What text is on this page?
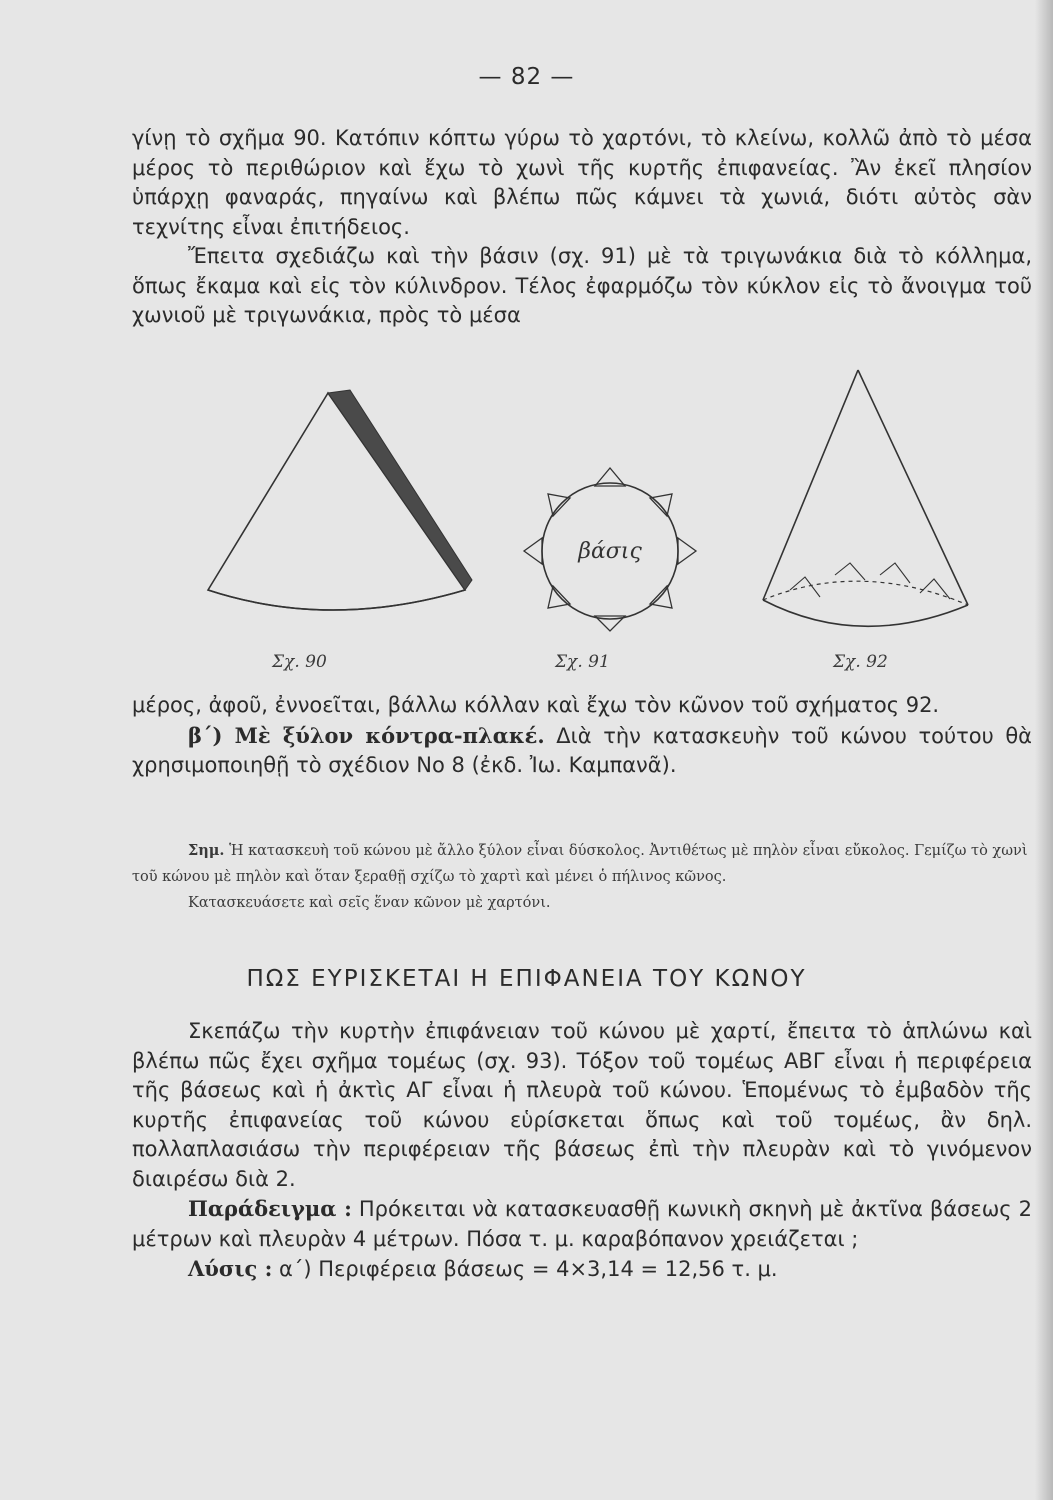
— 82 —

γίνῃ τὸ σχῆμα 90. Κατόπιν κόπτω γύρω τὸ χαρτόνι, τὸ κλείνω, κολλῶ ἀπὸ τὸ μέσα μέρος τὸ περιθώριον καὶ ἔχω τὸ χωνὶ τῆς κυρτῆς ἐπιφανείας. Ἂν ἐκεῖ πλησίον ὑπάρχῃ φαναράς, πηγαίνω καὶ βλέπω πῶς κάμνει τὰ χωνιά, διότι αὐτὸς σὰν τεχνίτης εἶναι ἐπιτήδειος.

Ἔπειτα σχεδιάζω καὶ τὴν βάσιν (σχ. 91) μὲ τὰ τριγωνάκια διὰ τὸ κόλλημα, ὅπως ἔκαμα καὶ εἰς τὸν κύλινδρον. Τέλος ἐφαρμόζω τὸν κύκλον εἰς τὸ ἄνοιγμα τοῦ χωνιοῦ μὲ τριγωνάκια, πρὸς τὸ μέσα

βάσις
Σχ. 90	Σχ. 91	Σχ. 92

μέρος, ἀφοῦ, ἐννοεῖται, βάλλω κόλλαν καὶ ἔχω τὸν κῶνον τοῦ σχήματος 92.

β΄) Μὲ ξύλον κόντρα-πλακέ. Διὰ τὴν κατασκευὴν τοῦ κώνου τούτου θὰ χρησιμοποιηθῇ τὸ σχέδιον Νο 8 (ἐκδ. Ἰω. Καμπανᾶ).

Σημ. Ἡ κατασκευὴ τοῦ κώνου μὲ ἄλλο ξύλον εἶναι δύσκολος. Ἀντιθέτως μὲ πηλὸν εἶναι εὔκολος. Γεμίζω τὸ χωνὶ τοῦ κώνου μὲ πηλὸν καὶ ὅταν ξεραθῇ σχίζω τὸ χαρτὶ καὶ μένει ὁ πήλινος κῶνος.

Κατασκευάσετε καὶ σεῖς ἕναν κῶνον μὲ χαρτόνι.

ΠΩΣ ΕΥΡΙΣΚΕΤΑΙ Η ΕΠΙΦΑΝΕΙΑ ΤΟΥ ΚΩΝΟΥ

Σκεπάζω τὴν κυρτὴν ἐπιφάνειαν τοῦ κώνου μὲ χαρτί, ἔπειτα τὸ ἁπλώνω καὶ βλέπω πῶς ἔχει σχῆμα τομέως (σχ. 93). Τόξον τοῦ τομέως ΑΒΓ εἶναι ἡ περιφέρεια τῆς βάσεως καὶ ἡ ἀκτὶς ΑΓ εἶναι ἡ πλευρὰ τοῦ κώνου. Ἑπομένως τὸ ἐμβαδὸν τῆς κυρτῆς ἐπιφανείας τοῦ κώνου εὑρίσκεται ὅπως καὶ τοῦ τομέως, ἂν δηλ. πολλαπλασιάσω τὴν περιφέρειαν τῆς βάσεως ἐπὶ τὴν πλευρὰν καὶ τὸ γινόμενον διαιρέσω διὰ 2.

Παράδειγμα : Πρόκειται νὰ κατασκευασθῇ κωνικὴ σκηνὴ μὲ ἀκτῖνα βάσεως 2 μέτρων καὶ πλευρὰν 4 μέτρων. Πόσα τ. μ. καραβόπανον χρειάζεται ;

Λύσις : α΄) Περιφέρεια βάσεως = 4×3,14 = 12,56 τ. μ.
